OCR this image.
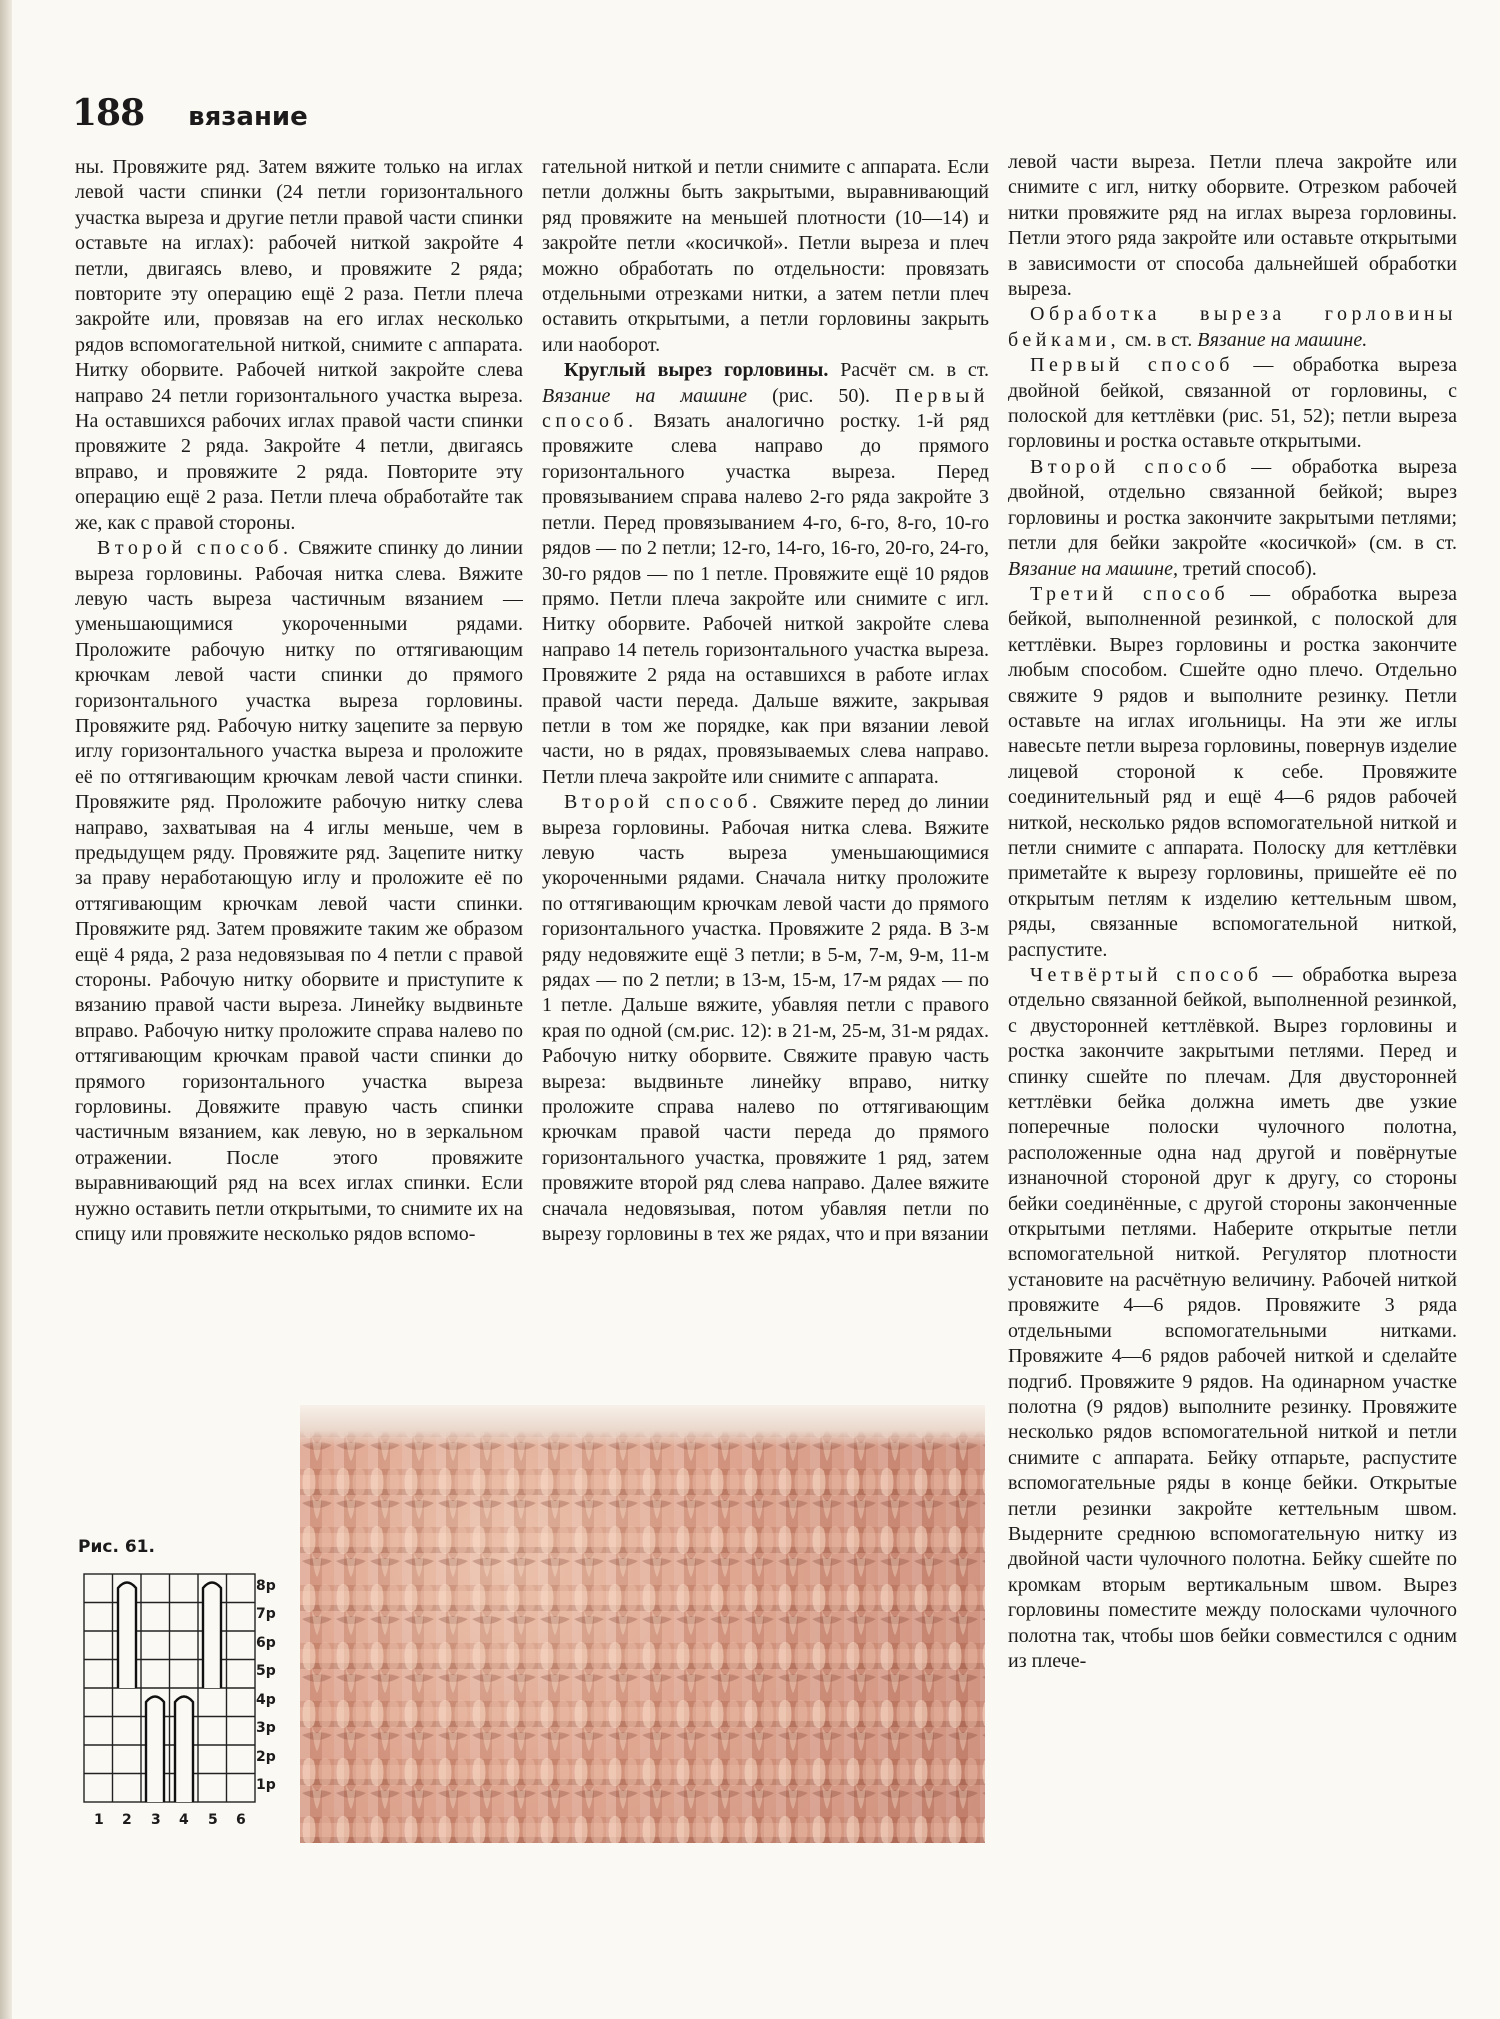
188 вязание

ны. Провяжите ряд. Затем вяжите только на иглах левой части спинки (24 петли горизонтального участка выреза и другие петли правой части спинки оставьте на иглах): рабочей ниткой закройте 4 петли, двигаясь влево, и провяжите 2 ряда; повторите эту операцию ещё 2 раза. Петли плеча закройте или, провязав на его иглах несколько рядов вспомогательной ниткой, снимите с аппарата. Нитку оборвите. Рабочей ниткой закройте слева направо 24 петли горизонтального участка выреза. На оставшихся рабочих иглах правой части спинки провяжите 2 ряда. Закройте 4 петли, двигаясь вправо, и провяжите 2 ряда. Повторите эту операцию ещё 2 раза. Петли плеча обработайте так же, как с правой стороны.

Второй способ. Свяжите спинку до линии выреза горловины. Рабочая нитка слева. Вяжите левую часть выреза частичным вязанием — уменьшающимися укороченными рядами. Проложите рабочую нитку по оттягивающим крючкам левой части спинки до прямого горизонтального участка выреза горловины. Провяжите ряд. Рабочую нитку зацепите за первую иглу горизонтального участка выреза и проложите её по оттягивающим крючкам левой части спинки. Провяжите ряд. Проложите рабочую нитку слева направо, захватывая на 4 иглы меньше, чем в предыдущем ряду. Провяжите ряд. Зацепите нитку за праву неработающую иглу и проложите её по оттягивающим крючкам левой части спинки. Провяжите ряд. Затем провяжите таким же образом ещё 4 ряда, 2 раза недовязывая по 4 петли с правой стороны. Рабочую нитку оборвите и приступите к вязанию правой части выреза. Линейку выдвиньте вправо. Рабочую нитку проложите справа налево по оттягивающим крючкам правой части спинки до прямого горизонтального участка выреза горловины. Довяжите правую часть спинки частичным вязанием, как левую, но в зеркальном отражении. После этого провяжите выравнивающий ряд на всех иглах спинки. Если нужно оставить петли открытыми, то снимите их на спицу или провяжите несколько рядов вспомо-

гательной ниткой и петли снимите с аппарата. Если петли должны быть закрытыми, выравнивающий ряд провяжите на меньшей плотности (10—14) и закройте петли «косичкой». Петли выреза и плеч можно обработать по отдельности: провязать отдельными отрезками нитки, а затем петли плеч оставить открытыми, а петли горловины закрыть или наоборот.

Круглый вырез горловины. Расчёт см. в ст. Вязание на машине (рис. 50). Первый способ. Вязать аналогично ростку. 1-й ряд провяжите слева направо до прямого горизонтального участка выреза. Перед провязыванием справа налево 2-го ряда закройте 3 петли. Перед провязыванием 4-го, 6-го, 8-го, 10-го рядов — по 2 петли; 12-го, 14-го, 16-го, 20-го, 24-го, 30-го рядов — по 1 петле. Провяжите ещё 10 рядов прямо. Петли плеча закройте или снимите с игл. Нитку оборвите. Рабочей ниткой закройте слева направо 14 петель горизонтального участка выреза. Провяжите 2 ряда на оставшихся в работе иглах правой части переда. Дальше вяжите, закрывая петли в том же порядке, как при вязании левой части, но в рядах, провязываемых слева направо. Петли плеча закройте или снимите с аппарата.

Второй способ. Свяжите перед до линии выреза горловины. Рабочая нитка слева. Вяжите левую часть выреза уменьшающимися укороченными рядами. Сначала нитку проложите по оттягивающим крючкам левой части до прямого горизонтального участка. Провяжите 2 ряда. В 3-м ряду недовяжите ещё 3 петли; в 5-м, 7-м, 9-м, 11-м рядах — по 2 петли; в 13-м, 15-м, 17-м рядах — по 1 петле. Дальше вяжите, убавляя петли с правого края по одной (см.рис. 12): в 21-м, 25-м, 31-м рядах. Рабочую нитку оборвите. Свяжите правую часть выреза: выдвиньте линейку вправо, нитку проложите справа налево по оттягивающим крючкам правой части переда до прямого горизонтального участка, провяжите 1 ряд, затем провяжите второй ряд слева направо. Далее вяжите сначала недовязывая, потом убавляя петли по вырезу горловины в тех же рядах, что и при вязании

левой части выреза. Петли плеча закройте или снимите с игл, нитку оборвите. Отрезком рабочей нитки провяжите ряд на иглах выреза горловины. Петли этого ряда закройте или оставьте открытыми в зависимости от способа дальнейшей обработки выреза.

Обработка выреза горловины бейками, см. в ст. Вязание на машине.

Первый способ — обработка выреза двойной бейкой, связанной от горловины, с полоской для кеттлёвки (рис. 51, 52); петли выреза горловины и ростка оставьте открытыми.

Второй способ — обработка выреза двойной, отдельно связанной бейкой; вырез горловины и ростка закончите закрытыми петлями; петли для бейки закройте «косичкой» (см. в ст. Вязание на машине, третий способ).

Третий способ — обработка выреза бейкой, выполненной резинкой, с полоской для кеттлёвки. Вырез горловины и ростка закончите любым способом. Сшейте одно плечо. Отдельно свяжите 9 рядов и выполните резинку. Петли оставьте на иглах игольницы. На эти же иглы навесьте петли выреза горловины, повернув изделие лицевой стороной к себе. Провяжите соединительный ряд и ещё 4—6 рядов рабочей ниткой, несколько рядов вспомогательной ниткой и петли снимите с аппарата. Полоску для кеттлёвки приметайте к вырезу горловины, пришейте её по открытым петлям к изделию кеттельным швом, ряды, связанные вспомогательной ниткой, распустите.

Четвёртый способ — обработка выреза отдельно связанной бейкой, выполненной резинкой, с двусторонней кеттлёвкой. Вырез горловины и ростка закончите закрытыми петлями. Перед и спинку сшейте по плечам. Для двусторонней кеттлёвки бейка должна иметь две узкие поперечные полоски чулочного полотна, расположенные одна над другой и повёрнутые изнаночной стороной друг к другу, со стороны бейки соединённые, с другой стороны законченные открытыми петлями. Наберите открытые петли вспомогательной ниткой. Регулятор плотности установите на расчётную величину. Рабочей ниткой провяжите 4—6 рядов. Провяжите 3 ряда отдельными вспомогательными нитками. Провяжите 4—6 рядов рабочей ниткой и сделайте подгиб. Провяжите 9 рядов. На одинарном участке полотна (9 рядов) выполните резинку. Провяжите несколько рядов вспомогательной ниткой и петли снимите с аппарата. Бейку отпарьте, распустите вспомогательные ряды в конце бейки. Открытые петли резинки закройте кеттельным швом. Выдерните среднюю вспомогательную нитку из двойной части чулочного полотна. Бейку сшейте по кромкам вторым вертикальным швом. Вырез горловины поместите между полосками чулочного полотна так, чтобы шов бейки совместился с одним из плече-

Рис. 61.
8р
7р
6р
5р
4р
3р
2р
1р
1 2 3 4 5 6
